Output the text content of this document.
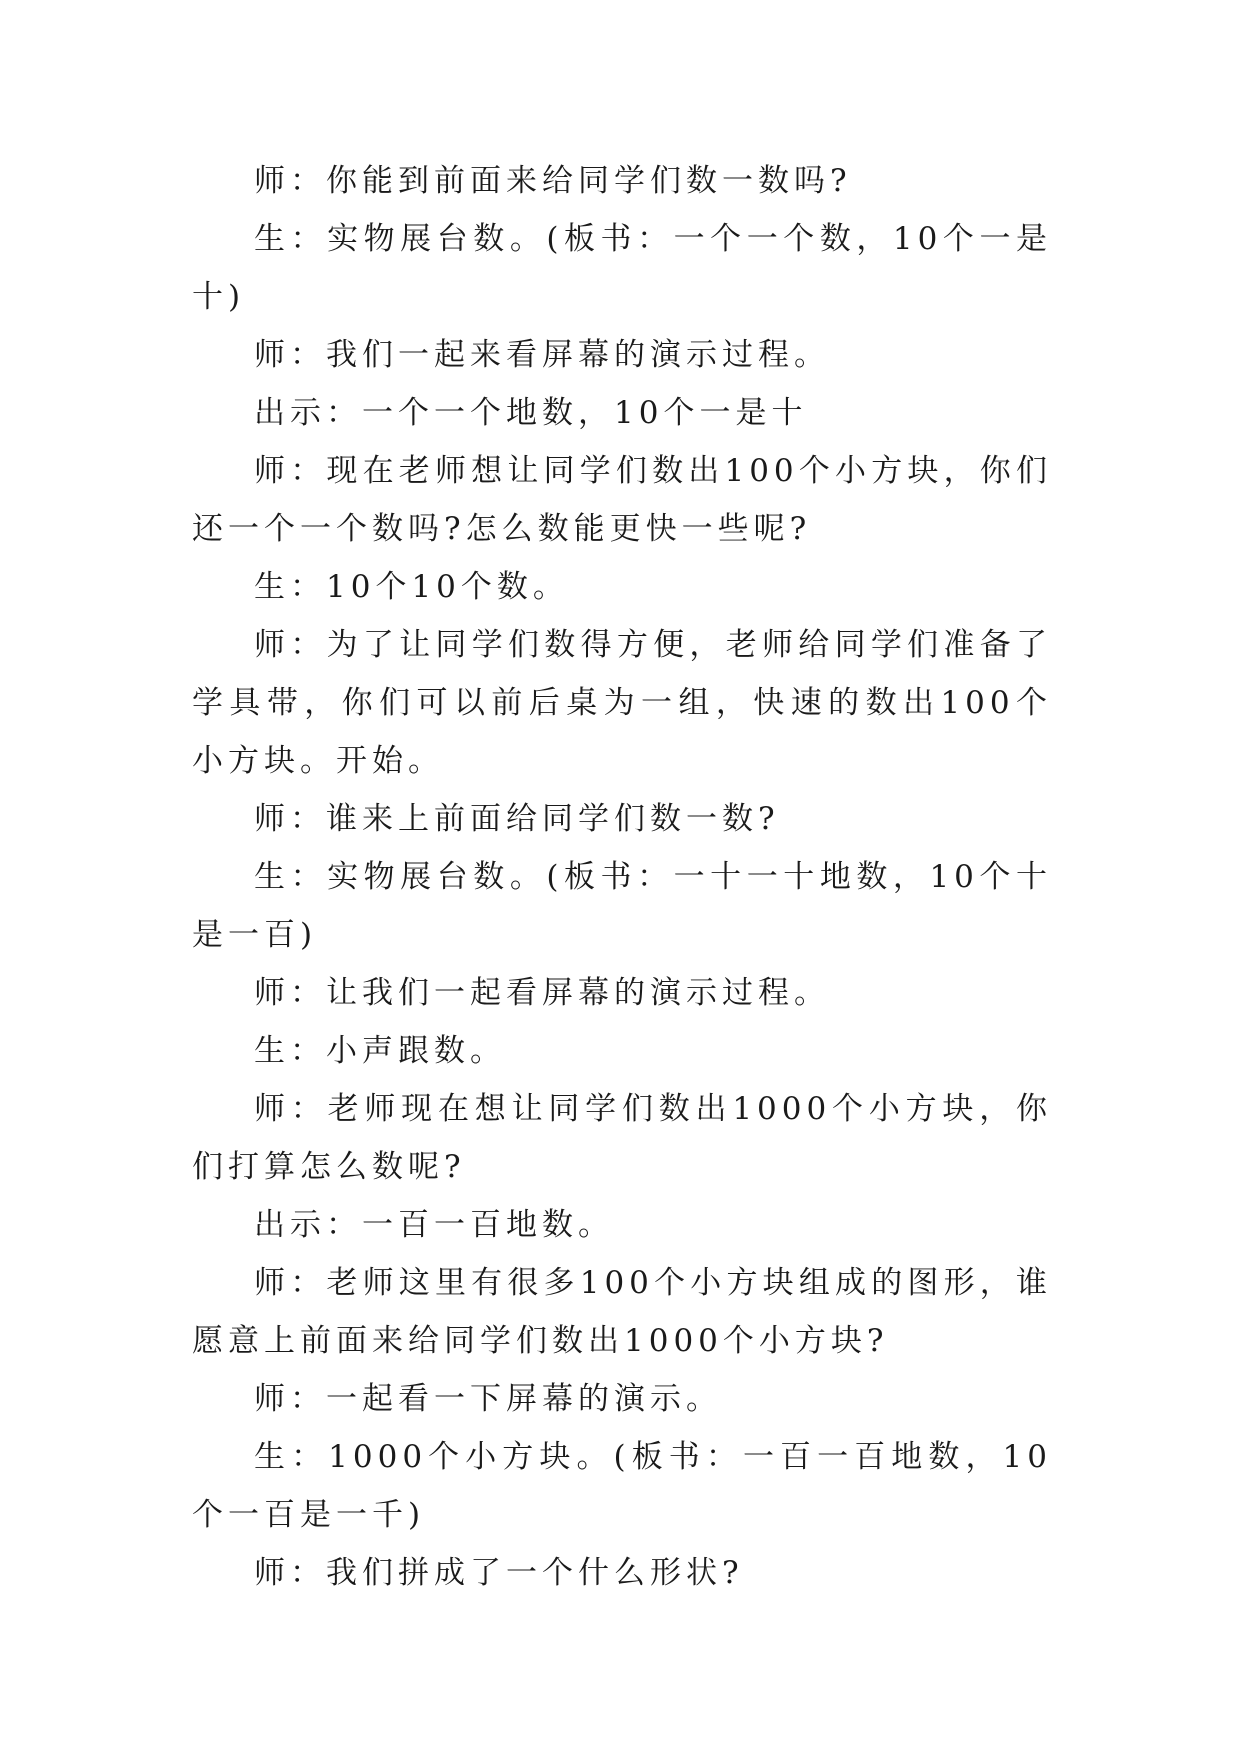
师：你能到前面来给同学们数一数吗?

生：实物展台数。(板书：一个一个数，10个一是十)

师：我们一起来看屏幕的演示过程。

出示：一个一个地数，10个一是十

师：现在老师想让同学们数出100个小方块，你们还一个一个数吗?怎么数能更快一些呢?

生：10个10个数。

师：为了让同学们数得方便，老师给同学们准备了学具带，你们可以前后桌为一组，快速的数出100个小方块。开始。

师：谁来上前面给同学们数一数?

生：实物展台数。(板书：一十一十地数，10个十是一百)

师：让我们一起看屏幕的演示过程。

生：小声跟数。

师：老师现在想让同学们数出1000个小方块，你们打算怎么数呢?

出示：一百一百地数。

师：老师这里有很多100个小方块组成的图形，谁愿意上前面来给同学们数出1000个小方块?

师：一起看一下屏幕的演示。

生：1000个小方块。(板书：一百一百地数，10个一百是一千)

师：我们拼成了一个什么形状?
